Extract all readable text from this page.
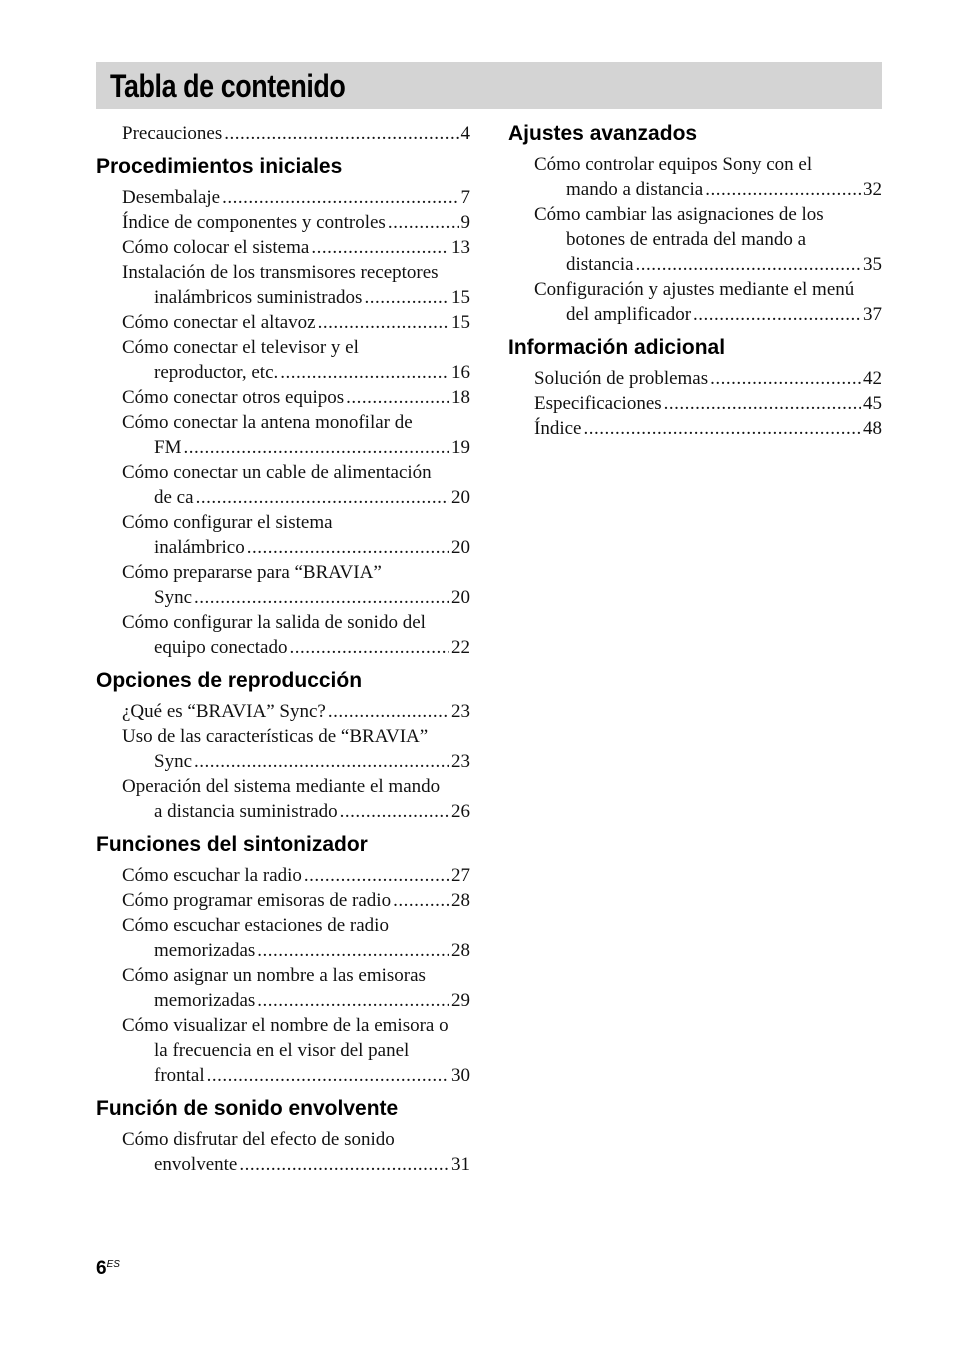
Tabla de contenido
Precauciones .....	4
Procedimientos iniciales
Desembalaje .....	7
Índice de componentes y controles .....	9
Cómo colocar el sistema .....	13
Instalación de los transmisores receptores
inalámbricos suministrados .....	15
Cómo conectar el altavoz .....	15
Cómo conectar el televisor y el
reproductor, etc. .....	16
Cómo conectar otros equipos .....	18
Cómo conectar la antena monofilar de
FM .....	19
Cómo conectar un cable de alimentación
de ca .....	20
Cómo configurar el sistema
inalámbrico .....	20
Cómo prepararse para “BRAVIA”
Sync .....	20
Cómo configurar la salida de sonido del
equipo conectado .....	22
Opciones de reproducción
¿Qué es “BRAVIA” Sync? .....	23
Uso de las características de “BRAVIA”
Sync .....	23
Operación del sistema mediante el mando
a distancia suministrado .....	26
Funciones del sintonizador
Cómo escuchar la radio .....	27
Cómo programar emisoras de radio .....	28
Cómo escuchar estaciones de radio
memorizadas .....	28
Cómo asignar un nombre a las emisoras
memorizadas .....	29
Cómo visualizar el nombre de la emisora o
la frecuencia en el visor del panel
frontal .....	30
Función de sonido envolvente
Cómo disfrutar del efecto de sonido
envolvente .....	31
Ajustes avanzados
Cómo controlar equipos Sony con el
mando a distancia .....	32
Cómo cambiar las asignaciones de los
botones de entrada del mando a
distancia .....	35
Configuración y ajustes mediante el menú
del amplificador .....	37
Información adicional
Solución de problemas .....	42
Especificaciones .....	45
Índice .....	48
$6^{ES}$
